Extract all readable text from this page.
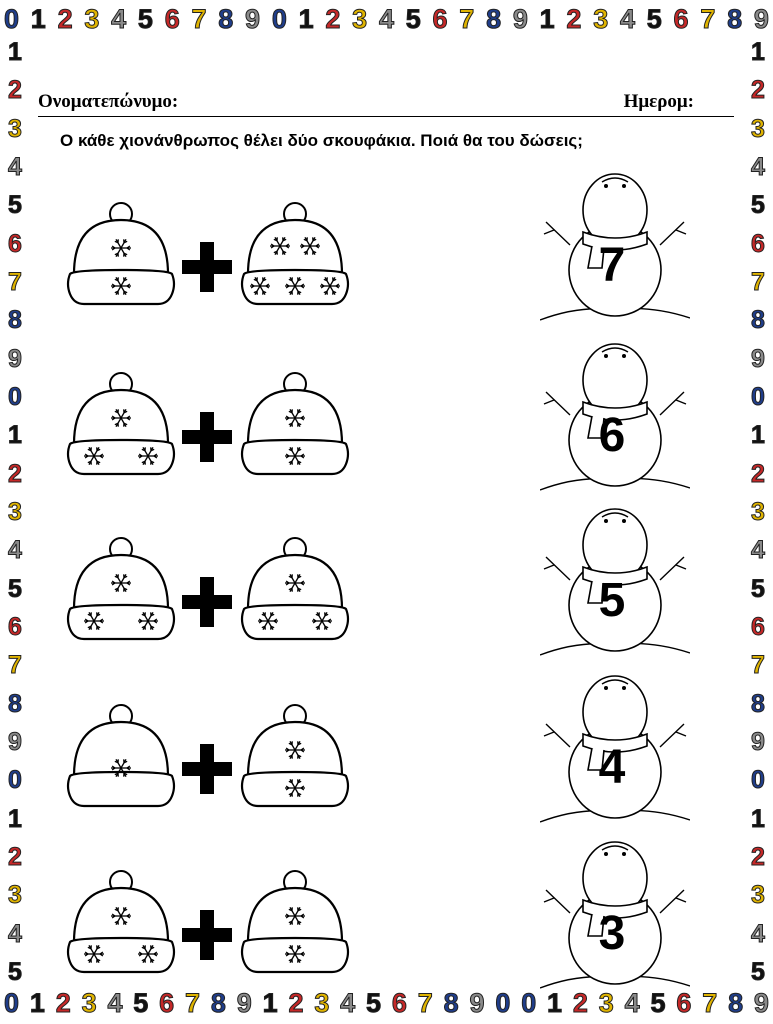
0 1 2 3 4 5 6 7 8 9 0 1 2 3 4 5 6 7 8 9 1 2 3 4 5 6 7 8 9
0 1 2 3 4 5 6 7 8 9 1 2 3 4 5 6 7 8 9 0 0 1 2 3 4 5 6 7 8 9
1
2
3
4
5
6
7
8
9
0
1
2
3
4
5
6
7
8
9
0
1
2
3
4
5
1
2
3
4
5
6
7
8
9
0
1
2
3
4
5
6
7
8
9
0
1
2
3
4
5
Ονοματεπώνυμο:	Ημερομ:
Ο κάθε χιονάνθρωπος θέλει δύο σκουφάκια. Ποιά θα του δώσεις;
7
6
5
4
3
